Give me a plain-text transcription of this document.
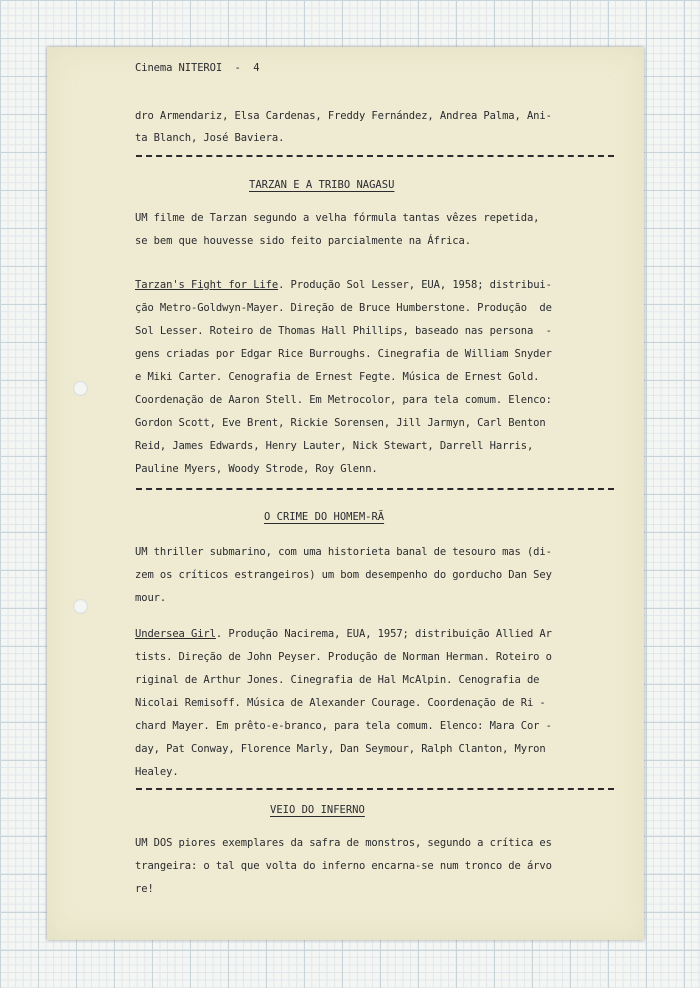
Cinema NITEROI  -  4
dro Armendariz, Elsa Cardenas, Freddy Fernández, Andrea Palma, Ani-
ta Blanch, José Baviera.
TARZAN E A TRIBO NAGASU
UM filme de Tarzan segundo a velha fórmula tantas vêzes repetida,
se bem que houvesse sido feito parcialmente na África.
Tarzan's Fight for Life. Produção Sol Lesser, EUA, 1958; distribui-
ção Metro-Goldwyn-Mayer. Direção de Bruce Humberstone. Produção  de
Sol Lesser. Roteiro de Thomas Hall Phillips, baseado nas persona  -
gens criadas por Edgar Rice Burroughs. Cinegrafia de William Snyder
e Miki Carter. Cenografia de Ernest Fegte. Música de Ernest Gold.
Coordenação de Aaron Stell. Em Metrocolor, para tela comum. Elenco:
Gordon Scott, Eve Brent, Rickie Sorensen, Jill Jarmyn, Carl Benton
Reid, James Edwards, Henry Lauter, Nick Stewart, Darrell Harris,
Pauline Myers, Woody Strode, Roy Glenn.
O CRIME DO HOMEM-RÃ
UM thriller submarino, com uma historieta banal de tesouro mas (di-
zem os críticos estrangeiros) um bom desempenho do gorducho Dan Sey
mour.
Undersea Girl. Produção Nacirema, EUA, 1957; distribuição Allied Ar
tists. Direção de John Peyser. Produção de Norman Herman. Roteiro o
riginal de Arthur Jones. Cinegrafia de Hal McAlpin. Cenografia de
Nicolai Remisoff. Música de Alexander Courage. Coordenação de Ri -
chard Mayer. Em prêto-e-branco, para tela comum. Elenco: Mara Cor -
day, Pat Conway, Florence Marly, Dan Seymour, Ralph Clanton, Myron
Healey.
VEIO DO INFERNO
UM DOS piores exemplares da safra de monstros, segundo a crítica es
trangeira: o tal que volta do inferno encarna-se num tronco de árvo
re!
